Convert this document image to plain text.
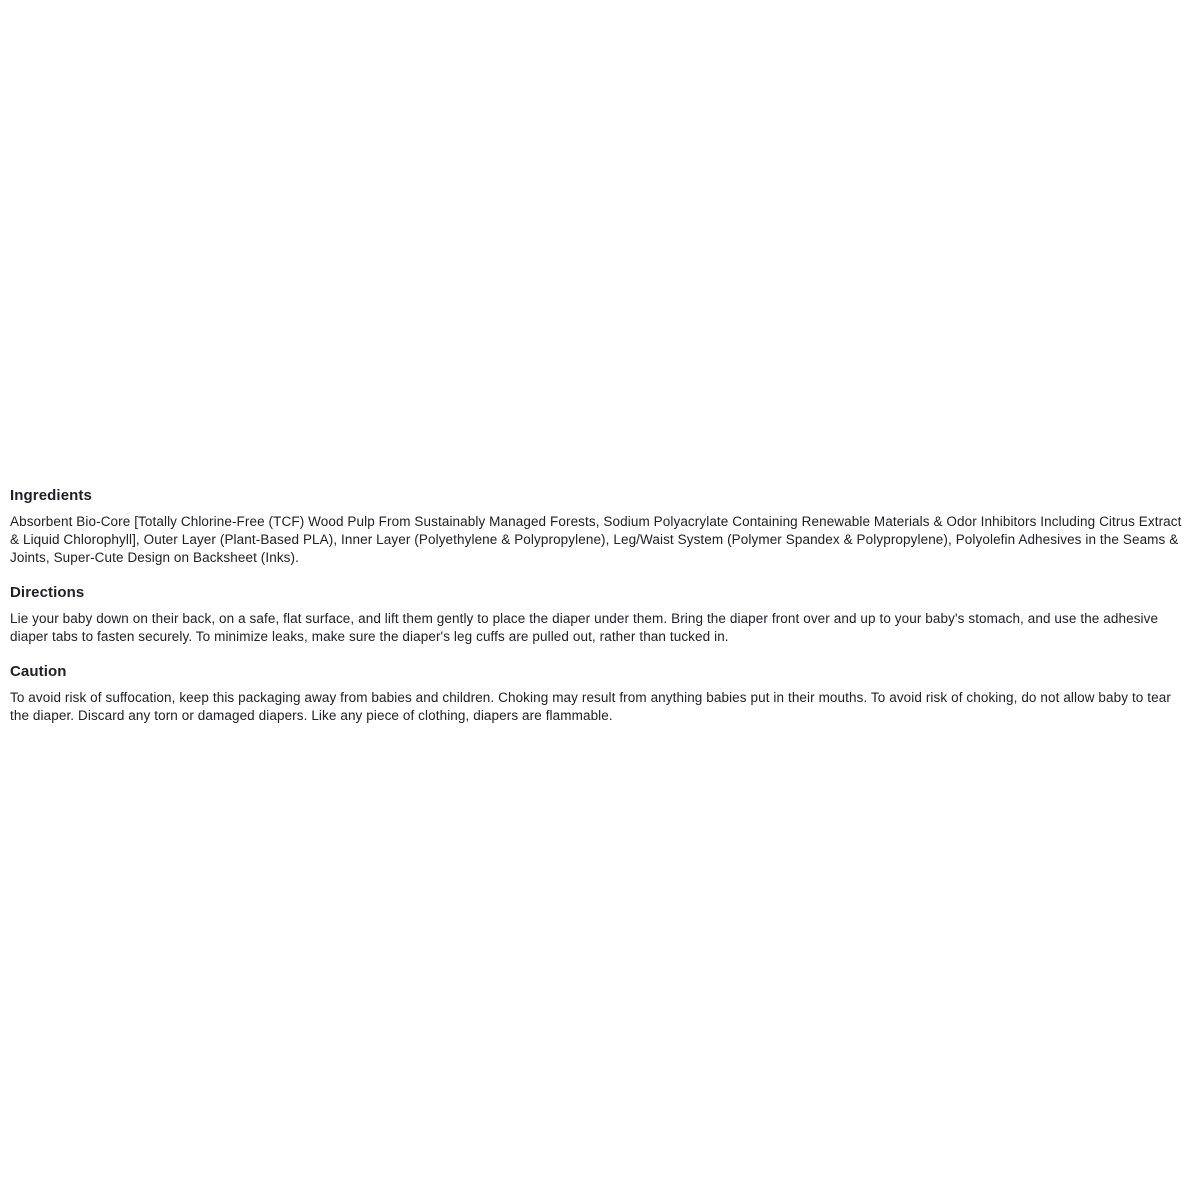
Ingredients

Absorbent Bio-Core [Totally Chlorine-Free (TCF) Wood Pulp From Sustainably Managed Forests, Sodium Polyacrylate Containing Renewable Materials & Odor Inhibitors Including Citrus Extract & Liquid Chlorophyll], Outer Layer (Plant-Based PLA), Inner Layer (Polyethylene & Polypropylene), Leg/Waist System (Polymer Spandex & Polypropylene), Polyolefin Adhesives in the Seams & Joints, Super-Cute Design on Backsheet (Inks).

Directions

Lie your baby down on their back, on a safe, flat surface, and lift them gently to place the diaper under them. Bring the diaper front over and up to your baby's stomach, and use the adhesive diaper tabs to fasten securely. To minimize leaks, make sure the diaper's leg cuffs are pulled out, rather than tucked in.

Caution

To avoid risk of suffocation, keep this packaging away from babies and children. Choking may result from anything babies put in their mouths. To avoid risk of choking, do not allow baby to tear the diaper. Discard any torn or damaged diapers. Like any piece of clothing, diapers are flammable.
